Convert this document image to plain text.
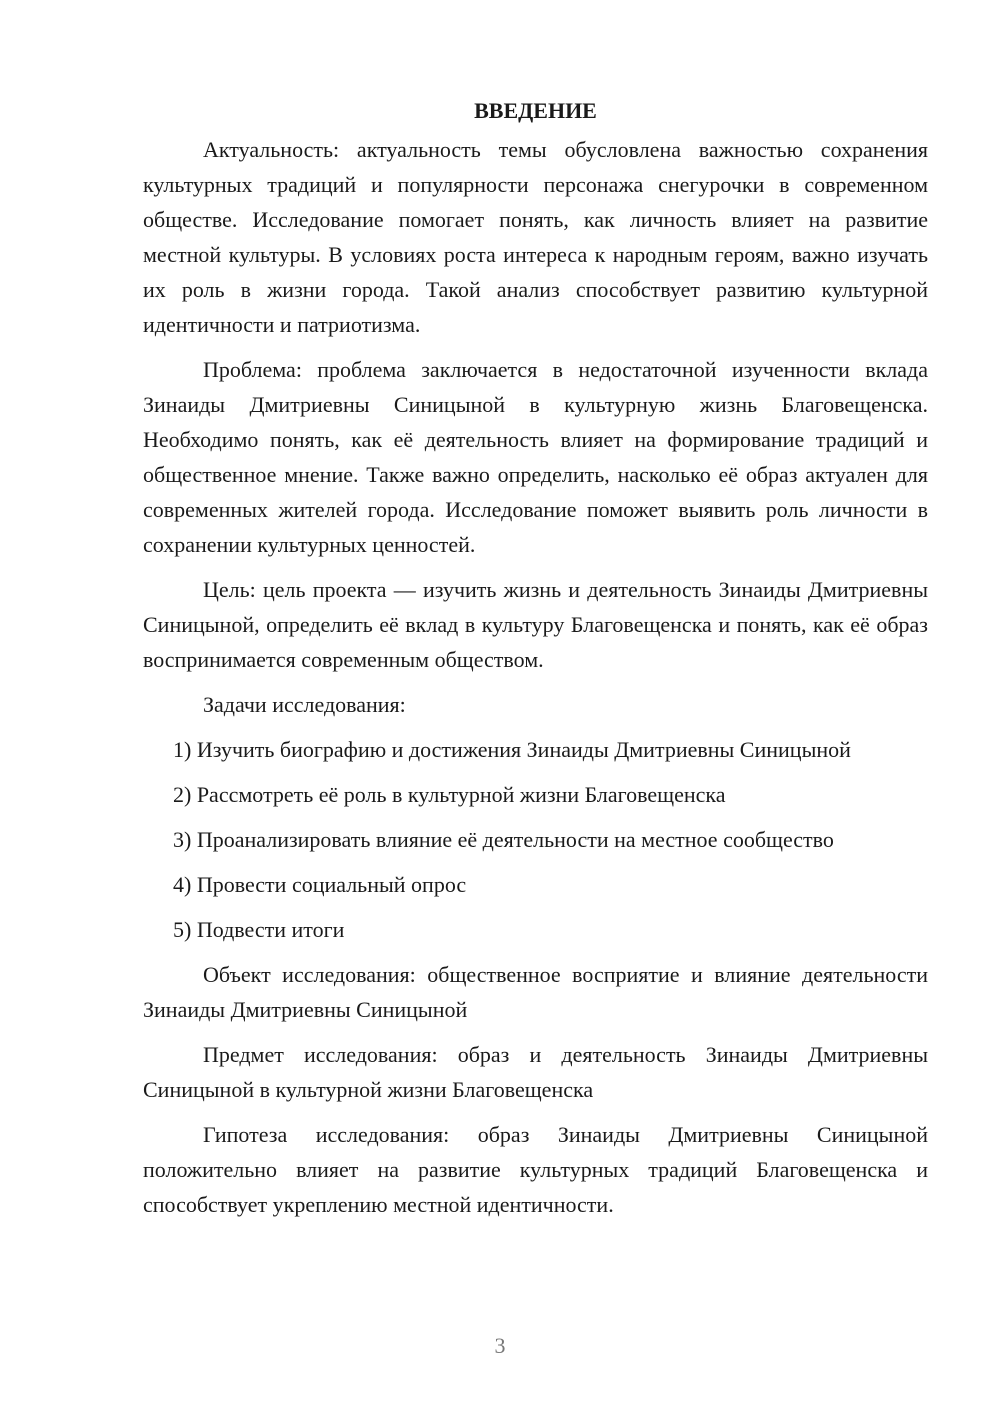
ВВЕДЕНИЕ

Актуальность: актуальность темы обусловлена важностью сохранения культурных традиций и популярности персонажа снегурочки в современном обществе. Исследование помогает понять, как личность влияет на развитие местной культуры. В условиях роста интереса к народным героям, важно изучать их роль в жизни города. Такой анализ способствует развитию культурной идентичности и патриотизма.

Проблема: проблема заключается в недостаточной изученности вклада Зинаиды Дмитриевны Синицыной в культурную жизнь Благовещенска. Необходимо понять, как её деятельность влияет на формирование традиций и общественное мнение. Также важно определить, насколько её образ актуален для современных жителей города. Исследование поможет выявить роль личности в сохранении культурных ценностей.

Цель: цель проекта — изучить жизнь и деятельность Зинаиды Дмитриевны Синицыной, определить её вклад в культуру Благовещенска и понять, как её образ воспринимается современным обществом.

Задачи исследования:

1) Изучить биографию и достижения Зинаиды Дмитриевны Синицыной

2) Рассмотреть её роль в культурной жизни Благовещенска

3) Проанализировать влияние её деятельности на местное сообщество

4) Провести социальный опрос

5) Подвести итоги

Объект исследования: общественное восприятие и влияние деятельности Зинаиды Дмитриевны Синицыной

Предмет исследования: образ и деятельность Зинаиды Дмитриевны Синицыной в культурной жизни Благовещенска

Гипотеза исследования: образ Зинаиды Дмитриевны Синицыной положительно влияет на развитие культурных традиций Благовещенска и способствует укреплению местной идентичности.

3
